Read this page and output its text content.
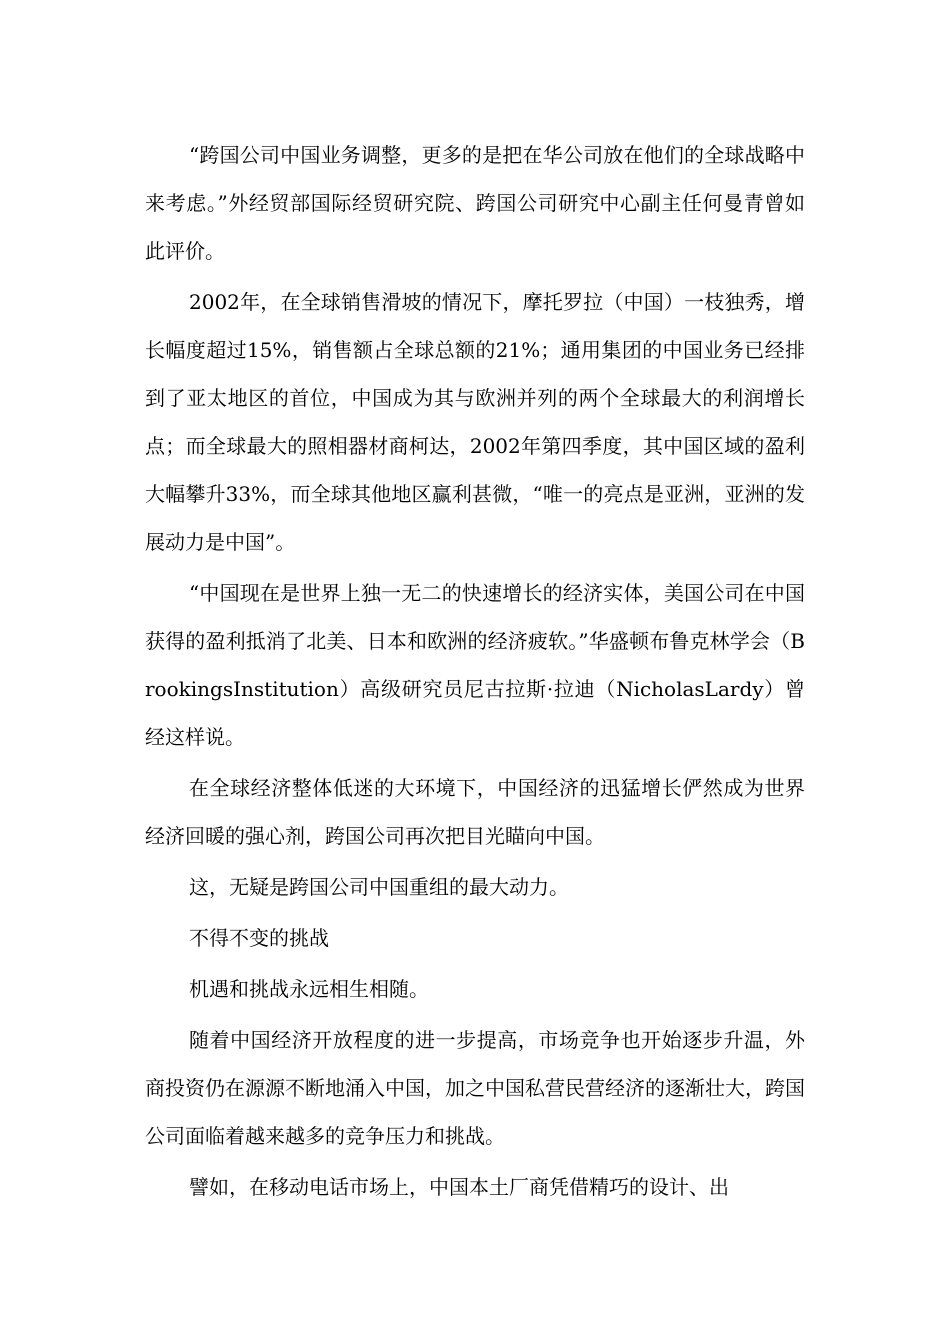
“跨国公司中国业务调整，更多的是把在华公司放在他们的全球战略中来考虑。”外经贸部国际经贸研究院、跨国公司研究中心副主任何曼青曾如此评价。

2002年，在全球销售滑坡的情况下，摩托罗拉（中国）一枝独秀，增长幅度超过15%，销售额占全球总额的21%；通用集团的中国业务已经排到了亚太地区的首位，中国成为其与欧洲并列的两个全球最大的利润增长点；而全球最大的照相器材商柯达，2002年第四季度，其中国区域的盈利大幅攀升33%，而全球其他地区赢利甚微，“唯一的亮点是亚洲，亚洲的发展动力是中国”。

“中国现在是世界上独一无二的快速增长的经济实体，美国公司在中国获得的盈利抵消了北美、日本和欧洲的经济疲软。”华盛顿布鲁克林学会（BrookingsInstitution）高级研究员尼古拉斯·拉迪（NicholasLardy）曾经这样说。

在全球经济整体低迷的大环境下，中国经济的迅猛增长俨然成为世界经济回暖的强心剂，跨国公司再次把目光瞄向中国。

这，无疑是跨国公司中国重组的最大动力。

不得不变的挑战

机遇和挑战永远相生相随。

随着中国经济开放程度的进一步提高，市场竞争也开始逐步升温，外商投资仍在源源不断地涌入中国，加之中国私营民营经济的逐渐壮大，跨国公司面临着越来越多的竞争压力和挑战。

譬如，在移动电话市场上，中国本土厂商凭借精巧的设计、出
